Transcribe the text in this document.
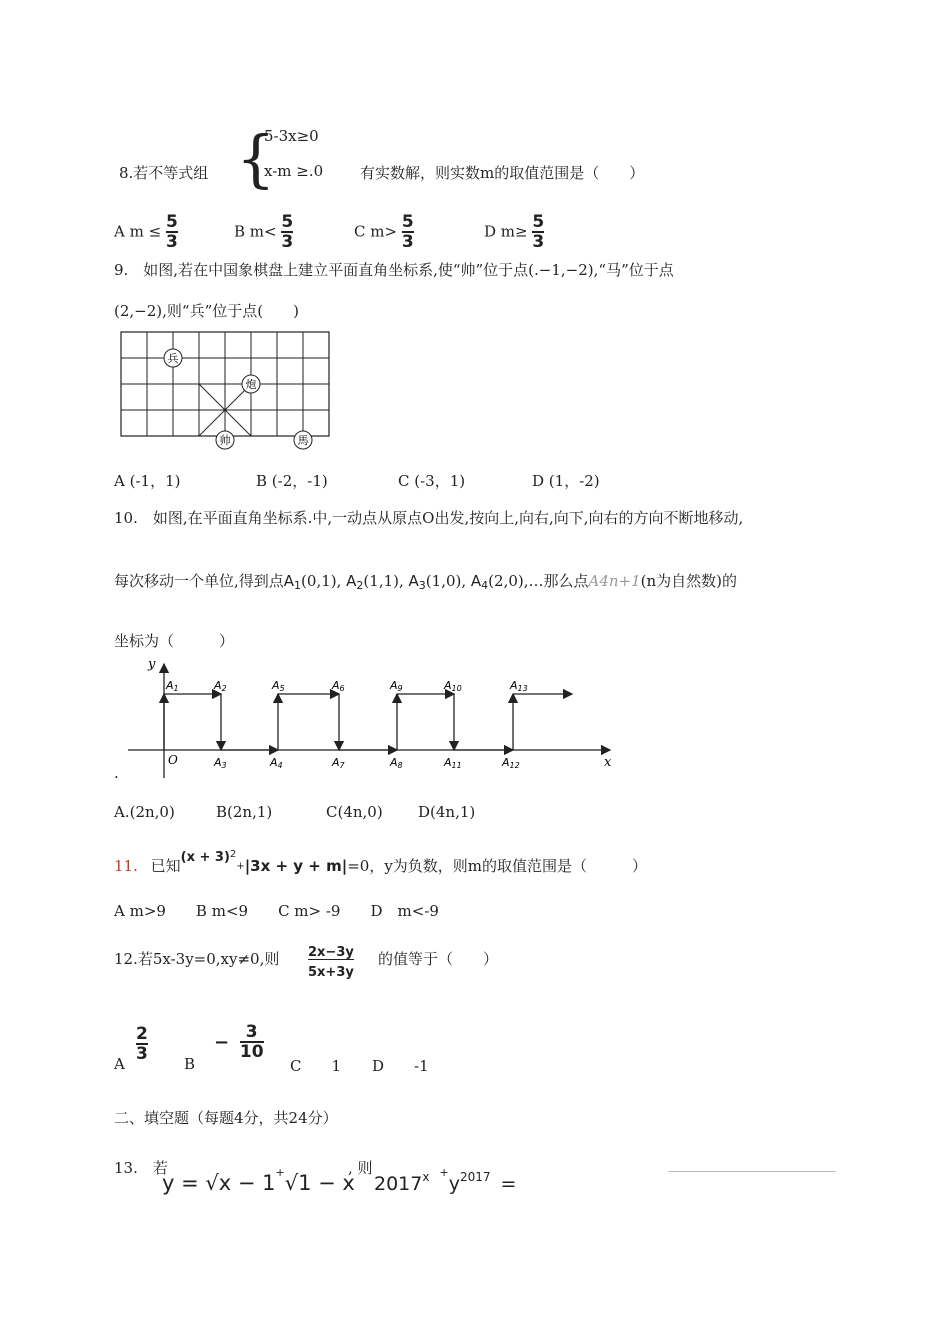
5-3x≥0
{
8.若不等式组	x-m ≥.0 有实数解，则实数m的取值范围是（　　）
A $m \le \frac{5}{3}$	B $m< \frac{5}{3}$	C $m> \frac{5}{3}$	D $m\ge \frac{5}{3}$
9.　如图,若在中国象棋盘上建立平面直角坐标系,使“帅”位于点(.−1,−2),“马”位于点
(2,−2),则“兵”位于点(　　)
兵
炮
帅	馬
A (-1，1)	B (-2，-1)	C (-3，1)	D (1，-2)
10.　如图,在平面直角坐标系.中,一动点从原点O出发,按向上,向右,向下,向右的方向不断地移动,
每次移动一个单位,得到点$A_1(0,1)$, $A_2(1,1)$, $A_3(1,0)$, $A_4(2,0),\dots$那么点A4n+1(n为自然数)的
坐标为（　　　）
y
x
O
A1	A2
A3	A4
A5	A6
A7	A8
A9	A10
A11	A12
A13
.
A.(2n,0)	B(2n,1)	C(4n,0) D(4n,1)
11. 已知$(x + 3)^2+|3x + y + m|=0$，y为负数，则m的取值范围是（　　　）
A m>9　　B m<9　　C m> -9　　D　m<-9
12.若5x-3y=0,xy≠0,则 $\frac{2x-3y}{5x+3y}$ 的值等于（　　）
A
$\frac{2}{3}$
B
− $\frac{3}{10}$
C　　1 D　　-1
二、填空题（每题4分，共24分）
13.　若
y = √x − 1+√1 − x
, 则
2017$^x$ $^+y^{2017}$ =
